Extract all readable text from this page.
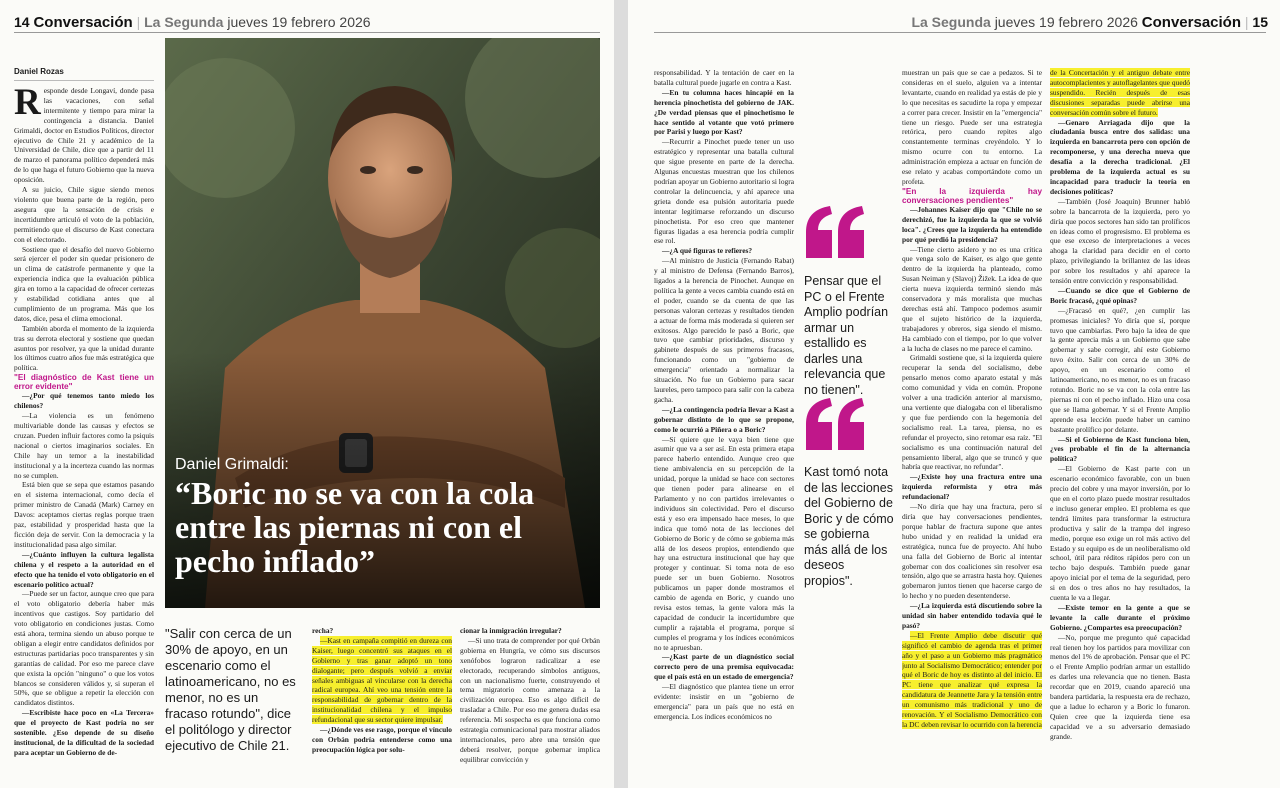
14 Conversación | La Segunda jueves 19 febrero 2026
Daniel Rozas

Responde desde Longaví, donde pasa las vacaciones, con señal intermitente y tiempo para mirar la contingencia a distancia. Daniel Grimaldi, doctor en Estudios Políticos, director ejecutivo de Chile 21 y académico de la Universidad de Chile, dice que a partir del 11 de marzo el panorama político dependerá más de lo que haga el futuro Gobierno que la nueva oposición.

A su juicio, Chile sigue siendo menos violento que buena parte de la región, pero asegura que la sensación de crisis e incertidumbre articuló el voto de la población, permitiendo que el discurso de Kast conectara con el electorado.

Sostiene que el desafío del nuevo Gobierno será ejercer el poder sin quedar prisionero de un clima de catástrofe permanente y que la experiencia indica que la evaluación pública gira en torno a la capacidad de ofrecer certezas y estabilidad cotidiana antes que al cumplimiento de un programa. Más que los datos, dice, pesa el clima emocional.

También aborda el momento de la izquierda tras su derrota electoral y sostiene que quedan asuntos por resolver, ya que la unidad durante los últimos cuatro años fue más estratégica que política.

"El diagnóstico de Kast tiene un error evidente"

—¿Por qué tenemos tanto miedo los chilenos?

—La violencia es un fenómeno multivariable donde las causas y efectos se cruzan. Pueden influir factores como la psiquis nacional o ciertos imaginarios sociales. En Chile hay un temor a la inestabilidad institucional y a la incerteza cuando las normas no se cumplen.

Está bien que se sepa que estamos pasando en el sistema internacional, como decía el primer ministro de Canadá (Mark) Carney en Davos: aceptamos ciertas reglas porque traen paz, estabilidad y prosperidad hasta que la ficción deja de servir. Con la democracia y la institucionalidad pasa algo similar.

—¿Cuánto influyen la cultura legalista chilena y el respeto a la autoridad en el efecto que ha tenido el voto obligatorio en el escenario político actual?

—Puede ser un factor, aunque creo que para el voto obligatorio debería haber más incentivos que castigos. Soy partidario del voto obligatorio en condiciones justas. Como está ahora, termina siendo un abuso porque te obligan a elegir entre candidatos definidos por estructuras partidarias poco transparentes y sin garantías de calidad. Por eso me parece clave que exista la opción "ninguno" o que los votos blancos se consideren válidos y, si superan el 50%, que se obligue a repetir la elección con candidatos distintos.

—Escribiste hace poco en «La Tercera» que el proyecto de Kast podría no ser sostenible. ¿Eso depende de su diseño institucional, de la dificultad de la sociedad para aceptar un Gobierno de de-

Daniel Grimaldi:
“Boric no se va con la cola entre las piernas ni con el pecho inflado”
"Salir con cerca de un 30% de apoyo, en un escenario como el latinoamericano, no es menor, no es un fracaso rotundo", dice el politólogo y director ejecutivo de Chile 21.

recha?

—Kast en campaña compitió en dureza con Kaiser, luego concentró sus ataques en el Gobierno y tras ganar adoptó un tono dialogante; pero después volvió a enviar señales ambiguas al vincularse con la derecha radical europea. Ahí veo una tensión entre la responsabilidad de gobernar dentro de la institucionalidad chilena y el impulso refundacional que su sector quiere impulsar.

—¿Dónde ves ese rasgo, porque el vínculo con Orbán podría entenderse como una preocupación lógica por solu-

cionar la inmigración irregular?

—Si uno trata de comprender por qué Orbán gobierna en Hungría, ve cómo sus discursos xenófobos lograron radicalizar a ese electorado, recuperando símbolos antiguos, con un nacionalismo fuerte, construyendo el tema migratorio como amenaza a la civilización europea. Eso es algo difícil de trasladar a Chile. Por eso me genera dudas esa referencia. Mi sospecha es que funciona como estrategia comunicacional para mostrar aliados internacionales, pero abre una tensión que deberá resolver, porque gobernar implica equilibrar convicción y

La Segunda jueves 19 febrero 2026 Conversación | 15

responsabilidad. Y la tentación de caer en la batalla cultural puede jugarle en contra a Kast.

—En tu columna haces hincapié en la herencia pinochetista del gobierno de JAK. ¿De verdad piensas que el pinochetismo le hace sentido al votante que votó primero por Parisi y luego por Kast?

—Recurrir a Pinochet puede tener un uso estratégico y representar una batalla cultural que sigue presente en parte de la derecha. Algunas encuestas muestran que los chilenos podrían apoyar un Gobierno autoritario si logra controlar la delincuencia, y ahí aparece una grieta donde esa pulsión autoritaria puede intentar legitimarse reforzando un discurso pinochetista. Por eso creo que mantener figuras ligadas a esa herencia podría cumplir ese rol.

—¿A qué figuras te refieres?

—Al ministro de Justicia (Fernando Rabat) y al ministro de Defensa (Fernando Barros), ligados a la herencia de Pinochet. Aunque en política la gente a veces cambia cuando está en el poder, cuando se da cuenta de que las personas valoran certezas y resultados tienden a actuar de forma más moderada si quieren ser exitosos. Algo parecido le pasó a Boric, que tuvo que cambiar prioridades, discurso y gabinete después de sus primeros fracasos, funcionando como un "gobierno de emergencia" orientado a normalizar la situación. No fue un Gobierno para sacar laureles, pero tampoco para salir con la cabeza gacha.

—¿La contingencia podría llevar a Kast a gobernar distinto de lo que se propone, como le ocurrió a Piñera o a Boric?

—Sí quiere que le vaya bien tiene que asumir que va a ser así. En esta primera etapa parece haberlo entendido. Aunque creo que tiene ambivalencia en su percepción de la unidad, porque la unidad se hace con sectores que tienen poder para alinearse en el Parlamento y no con partidos irrelevantes o individuos sin colectividad. Pero el discurso está y eso era impensado hace meses, lo que indica que tomó nota de las lecciones del Gobierno de Boric y de cómo se gobierna más allá de los deseos propios, entendiendo que hay una estructura institucional que hay que proteger y continuar. Si toma nota de eso puede ser un buen Gobierno. Nosotros publicamos un paper donde mostramos el cambio de agenda en Boric, y cuando uno revisa estos temas, la gente valora más la capacidad de conducir la incertidumbre que cumplir a rajatabla el programa, porque sí cumples el programa y los índices económicos no te apruesban.

—¿Kast parte de un diagnóstico social correcto pero de una premisa equivocada: que el país está en un estado de emergencia?

—El diagnóstico que plantea tiene un error evidente: insistir en un "gobierno de emergencia" para un país que no está en emergencia. Los índices económicos no

Pensar que el PC o el Frente Amplio podrían armar un estallido es darles una relevancia que no tienen".
Kast tomó nota de las lecciones del Gobierno de Boric y de cómo se gobierna más allá de los deseos propios".

muestran un país que se cae a pedazos. Si te consideras en el suelo, alguien va a intentar levantarte, cuando en realidad ya estás de pie y lo que necesitas es sacudirte la ropa y empezar a correr para crecer. Insistir en la "emergencia" tiene un riesgo. Puede ser una estrategia retórica, pero cuando repites algo constantemente terminas creyéndolo. Y lo mismo ocurre con tu entorno. La administración empieza a actuar en función de ese relato y acabas comportándote como un profeta.

"En la izquierda hay conversaciones pendientes"

—Johannes Kaiser dijo que "Chile no se derechizó, fue la izquierda la que se volvió loca". ¿Crees que la izquierda ha entendido por qué perdió la presidencia?

—Tiene cierto asidero y no es una crítica que venga solo de Kaiser, es algo que gente dentro de la izquierda ha planteado, como Susan Neiman y (Slavoj) Žižek. La idea de que cierta nueva izquierda terminó siendo más conservadora y más moralista que muchas derechas está ahí. Tampoco podemos asumir que el sujeto histórico de la izquierda, trabajadores y obreros, siga siendo el mismo. Ha cambiado con el tiempo, por lo que volver a la lucha de clases no me parece el camino.

Grimaldi sostiene que, si la izquierda quiere recuperar la senda del socialismo, debe pensarlo menos como aparato estatal y más como comunidad y vida en común. Propone volver a una tradición anterior al marxismo, una vertiente que dialogaba con el liberalismo y que fue perdiendo con la hegemonía del socialismo real. La tarea, piensa, no es refundar el proyecto, sino retomar esa raíz. "El socialismo es una continuación natural del pensamiento liberal, algo que se truncó y que habría que reactivar, no refundar".

—¿Existe hoy una fractura entre una izquierda reformista y otra más refundacional?

—No diría que hay una fractura, pero sí diría que hay conversaciones pendientes, porque hablar de fractura supone que antes hubo unidad y en realidad la unidad era estratégica, nunca fue de proyecto. Ahí hubo una falla del Gobierno de Boric al intentar gobernar con dos coaliciones sin resolver esa tensión, algo que se arrastra hasta hoy. Quienes gobernaron juntos tienen que hacerse cargo de lo hecho y no pueden desentenderse.

—¿La izquierda está discutiendo sobre la unidad sin haber entendido todavía qué le pasó?

—El Frente Amplio debe discutir qué significó el cambio de agenda tras el primer año y el paso a un Gobierno más pragmático junto al Socialismo Democrático; entender por qué el Boric de hoy es distinto al del inicio. El PC tiene que analizar qué expresa la candidatura de Jeannette Jara y la tensión entre un comunismo más tradicional y uno de renovación. Y el Socialismo Democrático con la DC deben revisar lo ocurrido con la herencia

de la Concertación y el antiguo debate entre autocomplacientes y autoflagelantes que quedó suspendido. Recién después de esas discusiones separadas puede abrirse una conversación común sobre el futuro.

—Genaro Arriagada dijo que la ciudadanía busca entre dos salidas: una izquierda en bancarrota pero con opción de recomponerse, y una derecha nueva que desafía a la derecha tradicional. ¿El problema de la izquierda actual es su incapacidad para traducir la teoría en decisiones políticas?

—También (José Joaquín) Brunner habló sobre la bancarrota de la izquierda, pero yo diría que pocos sectores han sido tan prolíficos en ideas como el progresismo. El problema es que ese exceso de interpretaciones a veces ahoga la claridad para decidir en el corto plazo, privilegiando la brillantez de las ideas por sobre los resultados y ahí aparece la tensión entre convicción y responsabilidad.

—Cuando se dice que el Gobierno de Boric fracasó, ¿qué opinas?

—¿Fracasó en qué?, ¿en cumplir las promesas iniciales? Yo diría que sí, porque tuvo que cambiarlas. Pero bajo la idea de que la gente aprecia más a un Gobierno que sabe gobernar y sabe corregir, ahí este Gobierno tuvo éxito. Salir con cerca de un 30% de apoyo, en un escenario como el latinoamericano, no es menor, no es un fracaso rotundo. Boric no se va con la cola entre las piernas ni con el pecho inflado. Hizo una cosa que se llama gobernar. Y si el Frente Amplio aprende esa lección puede haber un camino bastante prolífico por delante.

—Si el Gobierno de Kast funciona bien, ¿ves probable el fin de la alternancia política?

—El Gobierno de Kast parte con un escenario económico favorable, con un buen precio del cobre y una mayor inversión, por lo que en el corto plazo puede mostrar resultados e incluso generar empleo. El problema es que tendrá límites para transformar la estructura productiva y salir de la trampa del ingreso medio, porque eso exige un rol más activo del Estado y su equipo es de un neoliberalismo old school, útil para réditos rápidos pero con un techo bajo después. También puede ganar apoyo inicial por el tema de la seguridad, pero si en dos o tres años no hay resultados, la cuenta le va a llegar.

—Existe temor en la gente a que se levante la calle durante el próximo Gobierno. ¿Compartes esa preocupación?

—No, porque me pregunto qué capacidad real tienen hoy los partidos para movilizar con menos del 1% de aprobación. Pensar que el PC o el Frente Amplio podrían armar un estallido es darles una relevancia que no tienen. Basta recordar que en 2019, cuando apareció una bandera partidaria, la respuesta era de rechazo, que a ladue lo echaron y a Boric lo funaron. Quien cree que la izquierda tiene esa capacidad ve a su adversario demasiado grande.
